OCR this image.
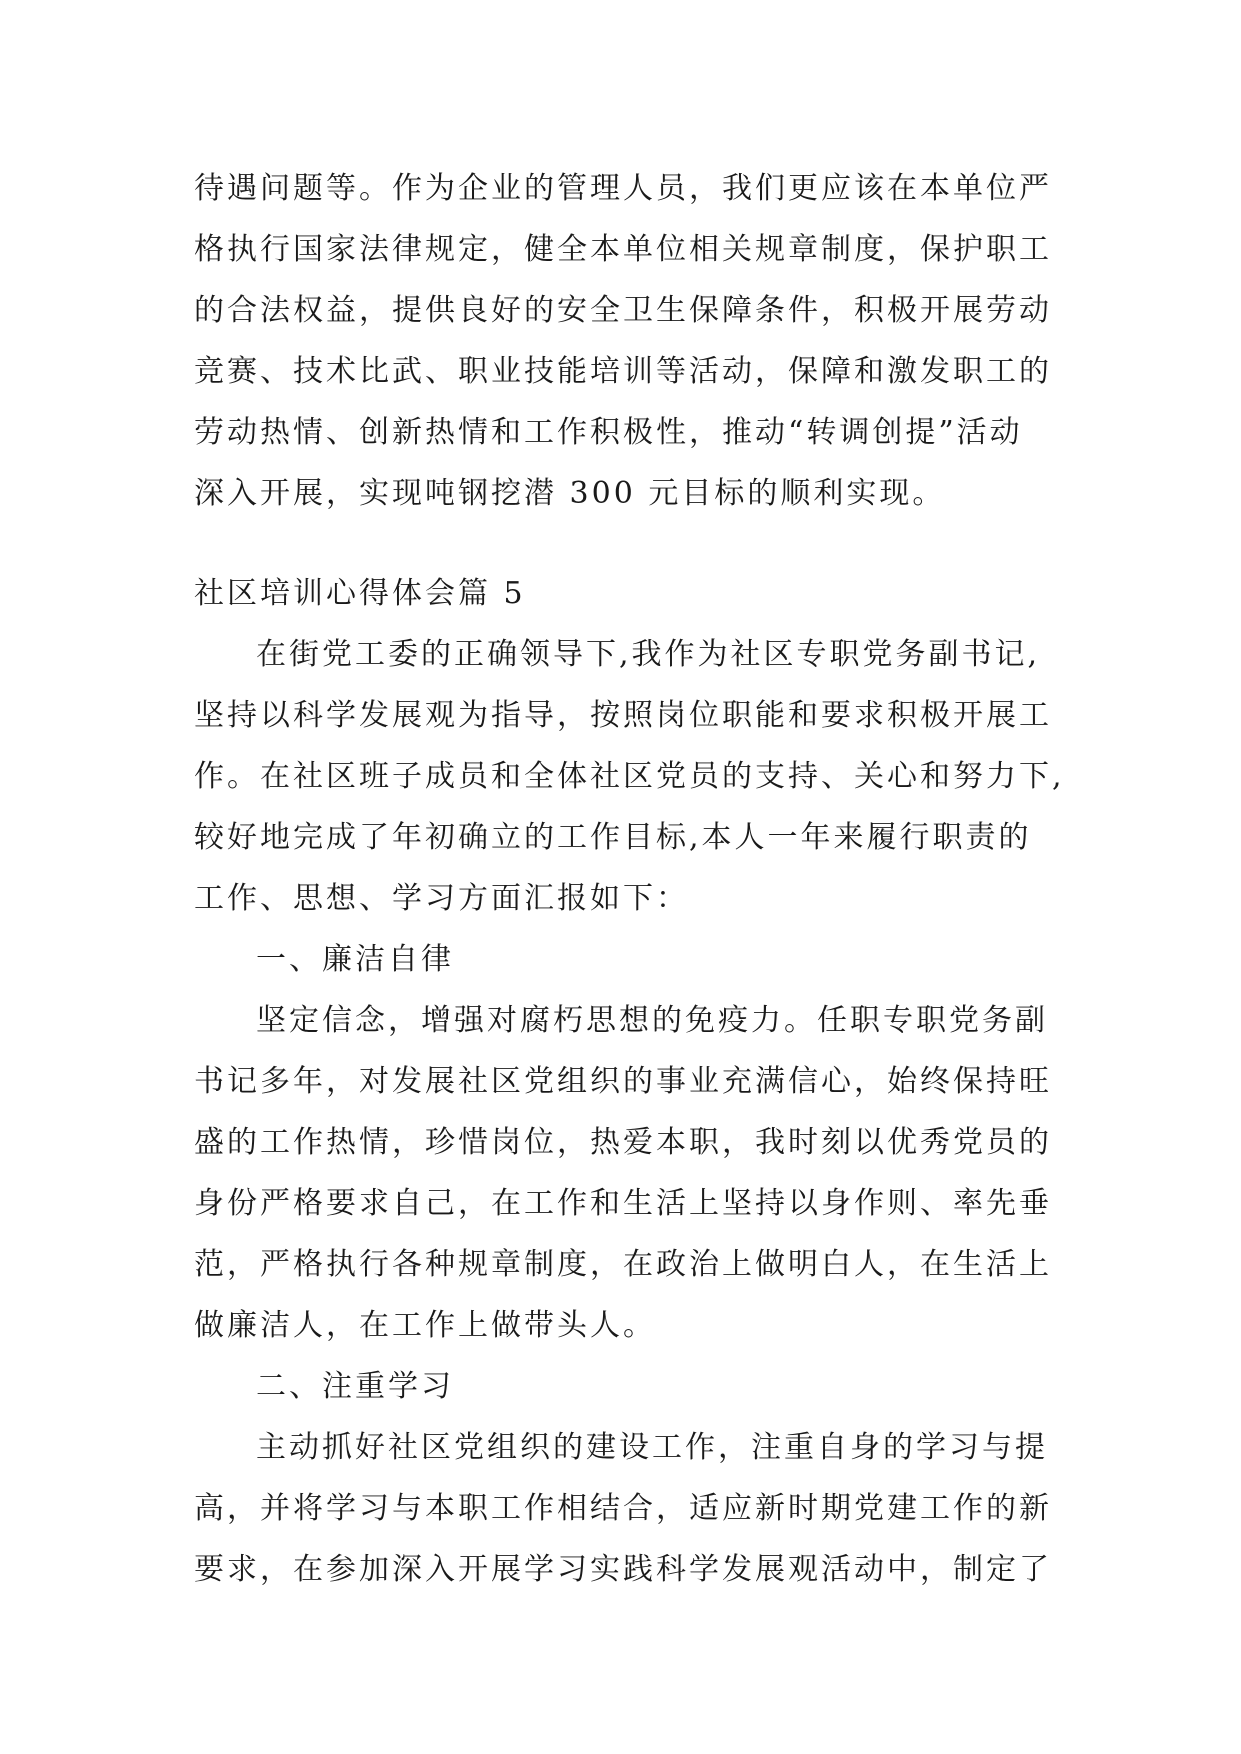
待遇问题等。作为企业的管理人员，我们更应该在本单位严
格执行国家法律规定，健全本单位相关规章制度，保护职工
的合法权益，提供良好的安全卫生保障条件，积极开展劳动
竞赛、技术比武、职业技能培训等活动，保障和激发职工的
劳动热情、创新热情和工作积极性，推动“转调创提”活动
深入开展，实现吨钢挖潜 300 元目标的顺利实现。
社区培训心得体会篇 5
在街党工委的正确领导下,我作为社区专职党务副书记,
坚持以科学发展观为指导，按照岗位职能和要求积极开展工
作。在社区班子成员和全体社区党员的支持、关心和努力下,
较好地完成了年初确立的工作目标,本人一年来履行职责的
工作、思想、学习方面汇报如下：
一、廉洁自律
坚定信念，增强对腐朽思想的免疫力。任职专职党务副
书记多年，对发展社区党组织的事业充满信心，始终保持旺
盛的工作热情，珍惜岗位，热爱本职，我时刻以优秀党员的
身份严格要求自己，在工作和生活上坚持以身作则、率先垂
范，严格执行各种规章制度，在政治上做明白人，在生活上
做廉洁人，在工作上做带头人。
二、注重学习
主动抓好社区党组织的建设工作，注重自身的学习与提
高，并将学习与本职工作相结合，适应新时期党建工作的新
要求，在参加深入开展学习实践科学发展观活动中，制定了
